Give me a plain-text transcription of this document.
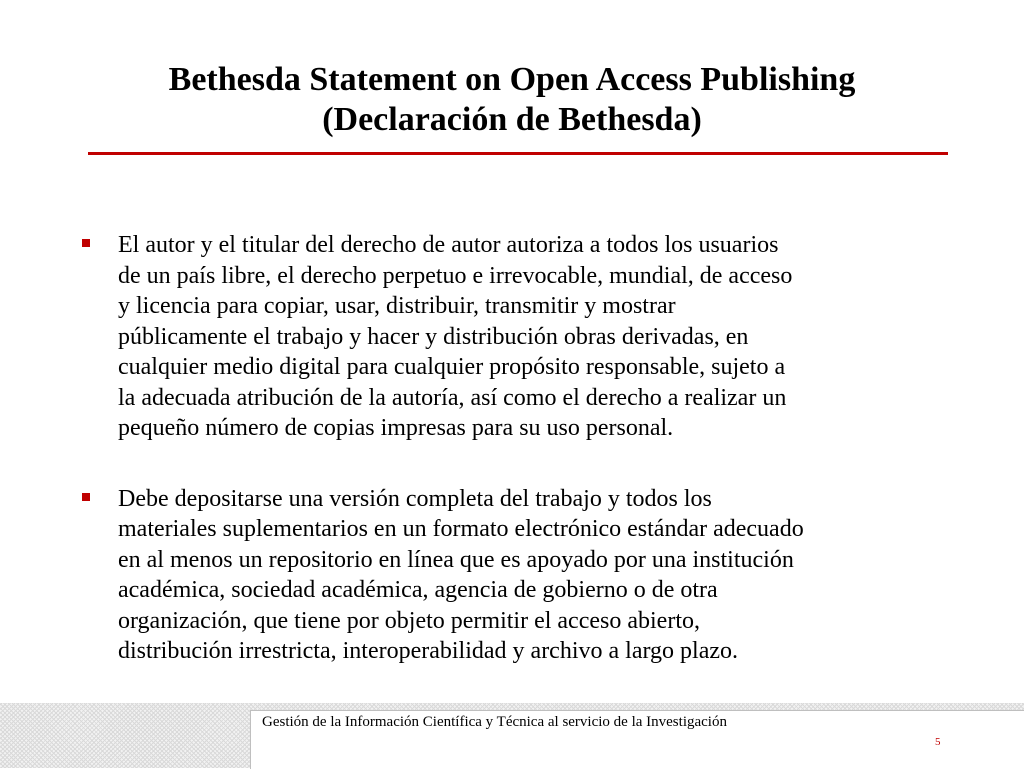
Bethesda Statement on Open Access Publishing
(Declaración de Bethesda)
El autor y el titular del derecho de autor autoriza a todos los usuarios
de un país libre, el derecho perpetuo e irrevocable, mundial, de acceso
y licencia para copiar, usar, distribuir, transmitir y mostrar
públicamente el trabajo y hacer y distribución obras derivadas, en
cualquier medio digital para cualquier propósito responsable, sujeto a
la adecuada atribución de la autoría, así como el derecho a realizar un
pequeño número de copias impresas para su uso personal.
Debe depositarse una versión completa del trabajo y todos los
materiales suplementarios en un formato electrónico estándar adecuado
en al menos un repositorio en línea que es apoyado por una institución
académica, sociedad académica, agencia de gobierno o de otra
organización, que tiene por objeto permitir el acceso abierto,
distribución irrestricta, interoperabilidad y archivo a largo plazo.
Gestión de la Información Científica y Técnica al servicio de la Investigación
5
